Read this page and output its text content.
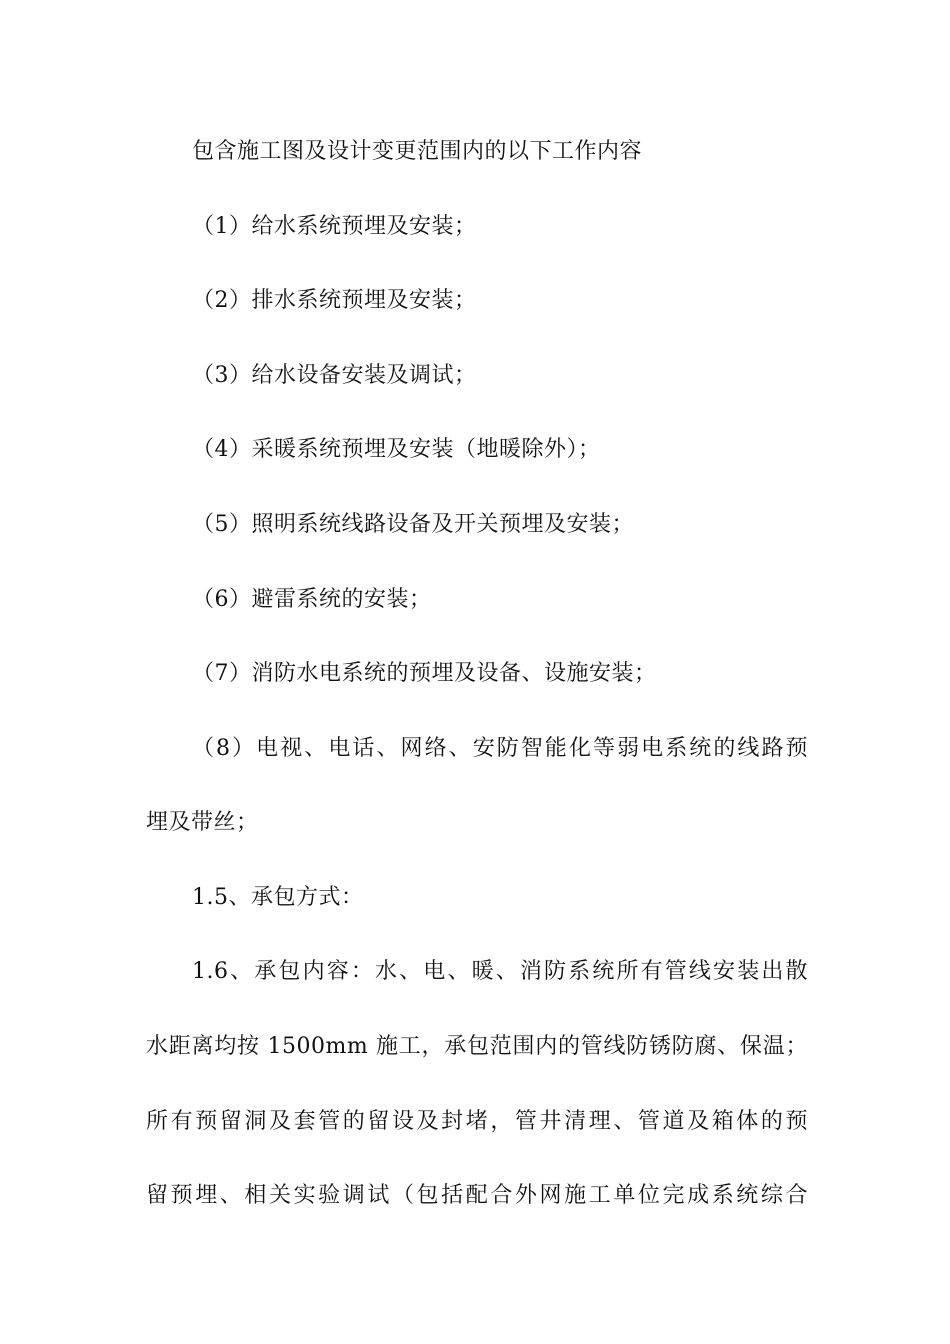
包含施工图及设计变更范围内的以下工作内容
（1）给水系统预埋及安装；
（2）排水系统预埋及安装；
（3）给水设备安装及调试；
（4）采暖系统预埋及安装（地暖除外）；
（5）照明系统线路设备及开关预埋及安装；
（6）避雷系统的安装；
（7）消防水电系统的预埋及设备、设施安装；
（8）电视、电话、网络、安防智能化等弱电系统的线路预
埋及带丝；
1.5、承包方式：
1.6、承包内容：水、电、暖、消防系统所有管线安装出散
水距离均按 1500mm 施工，承包范围内的管线防锈防腐、保温；
所有预留洞及套管的留设及封堵，管井清理、管道及箱体的预
留预埋、相关实验调试（包括配合外网施工单位完成系统综合
